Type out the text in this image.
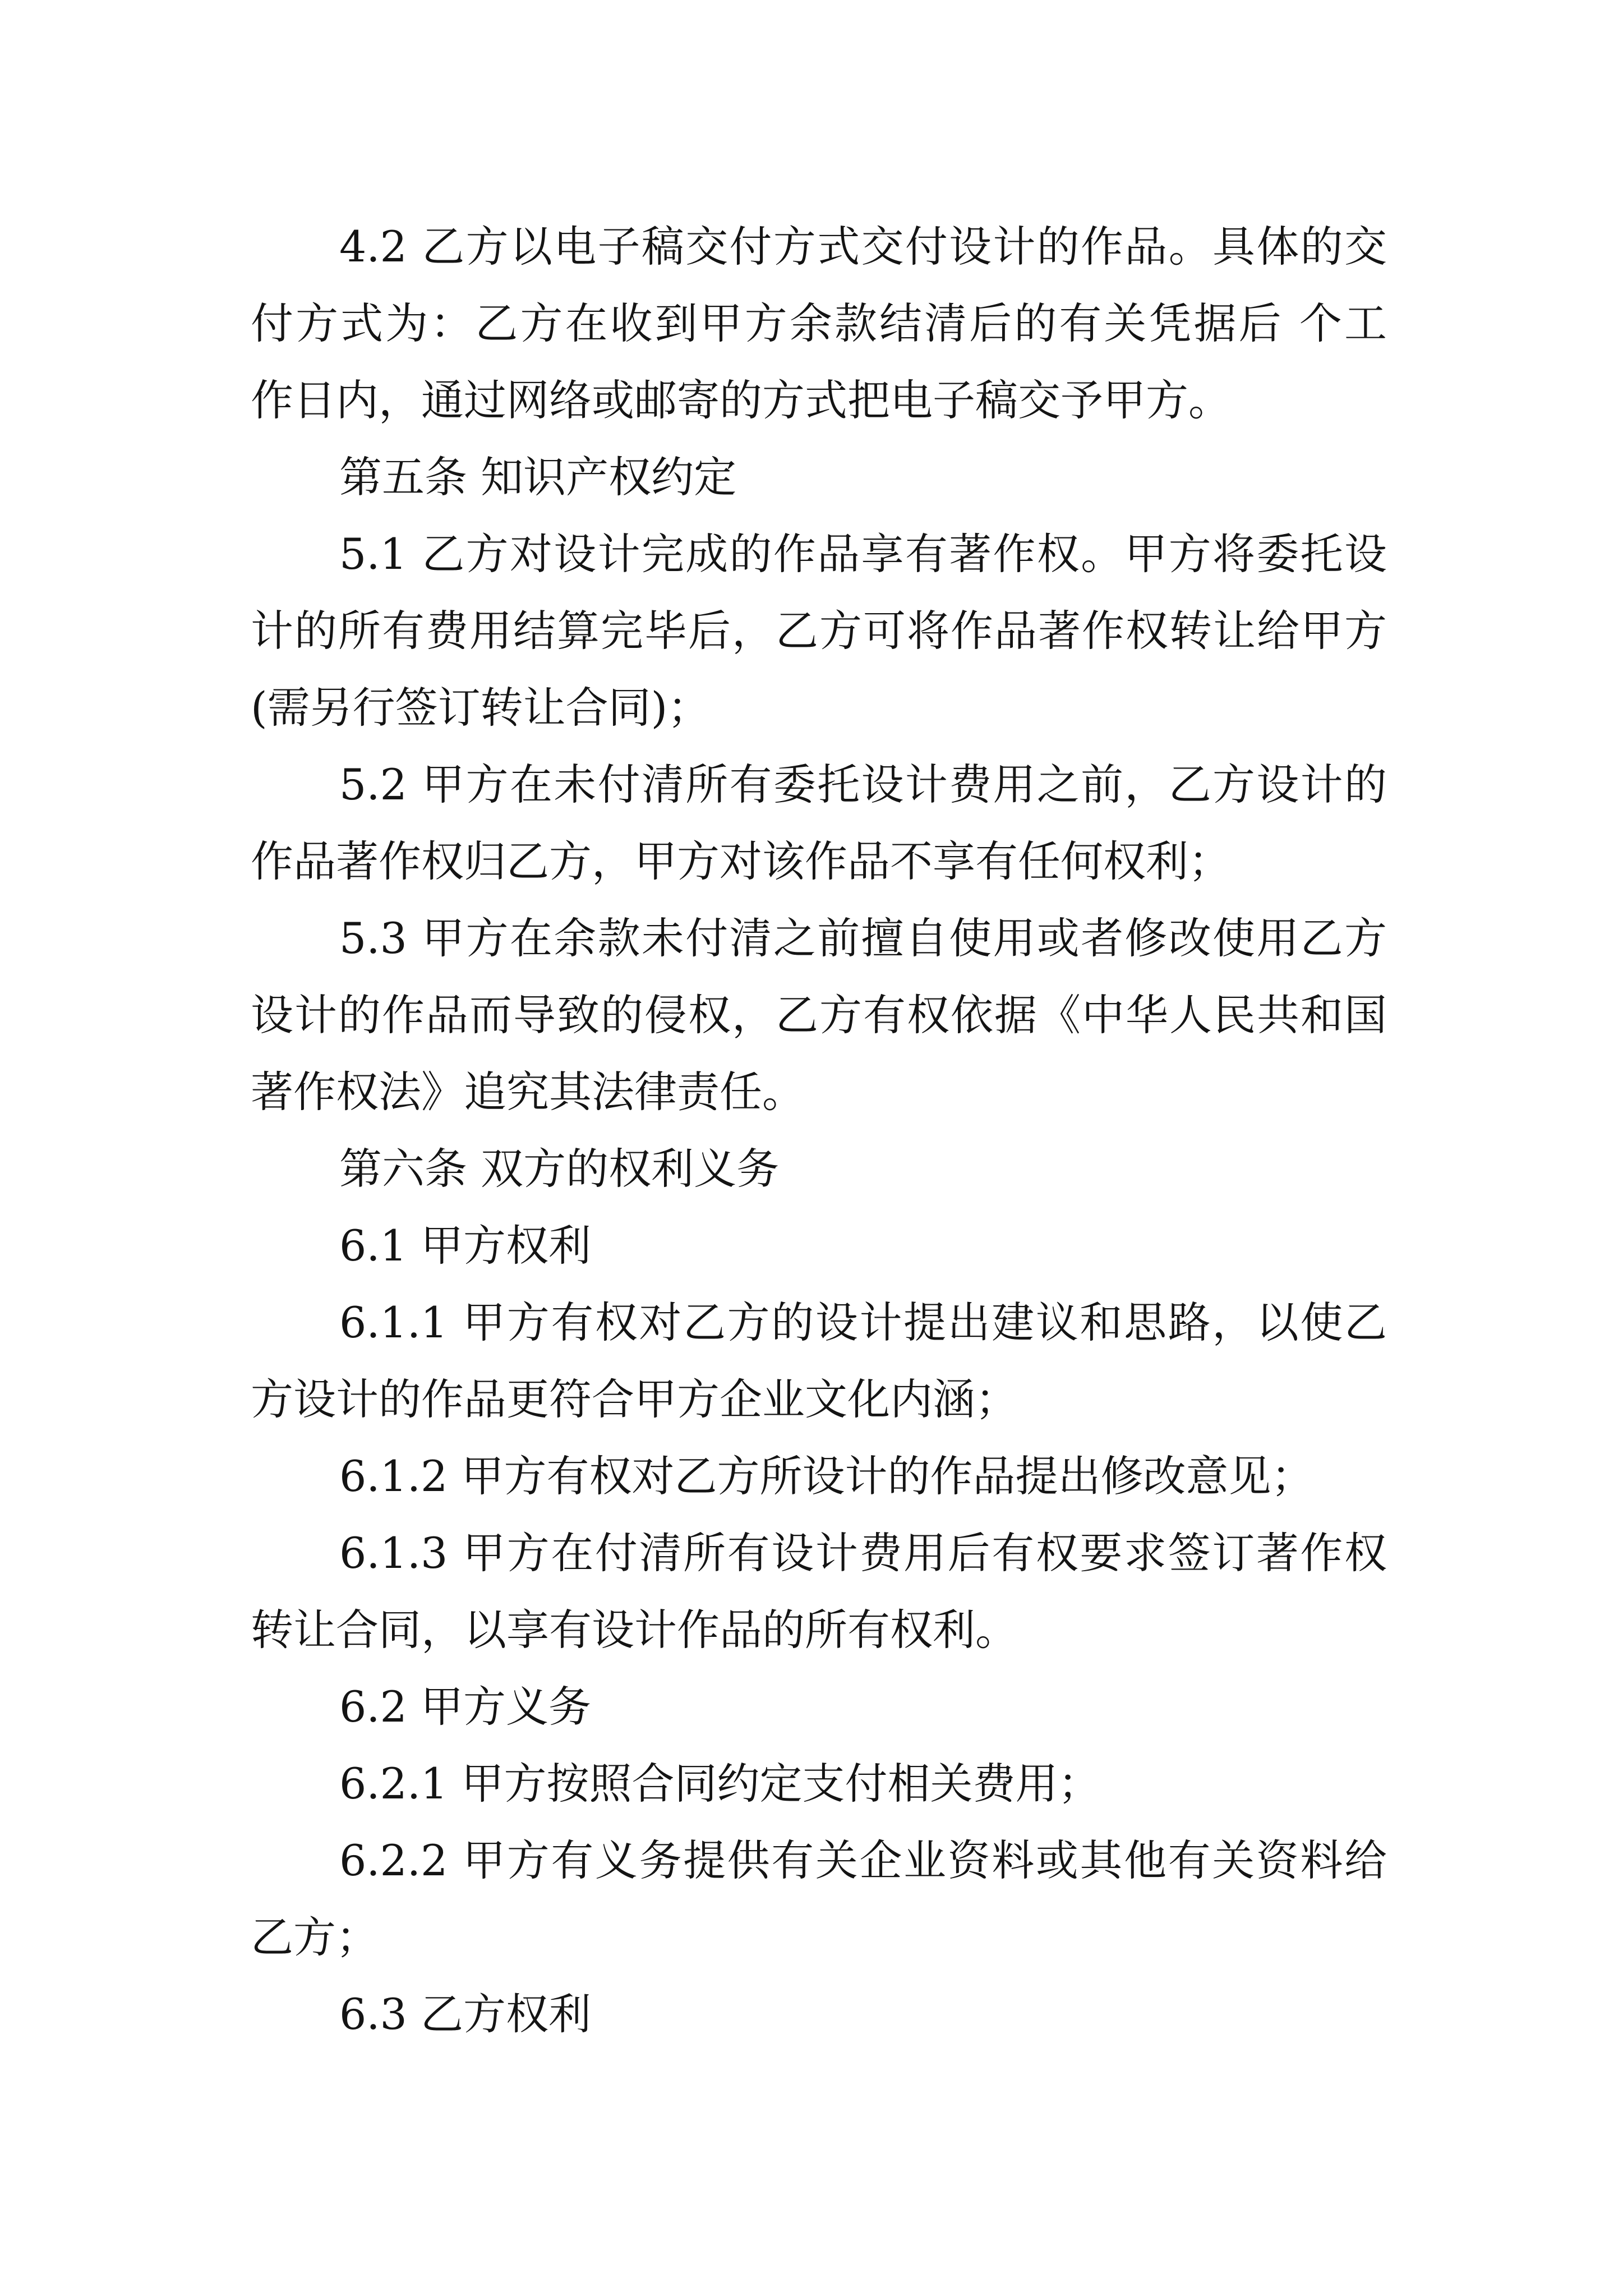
4.2 乙方以电子稿交付方式交付设计的作品。具体的交
付方式为：乙方在收到甲方余款结清后的有关凭据后 个工
作日内，通过网络或邮寄的方式把电子稿交予甲方。
第五条 知识产权约定
5.1 乙方对设计完成的作品享有著作权。甲方将委托设
计的所有费用结算完毕后，乙方可将作品著作权转让给甲方
(需另行签订转让合同)；
5.2 甲方在未付清所有委托设计费用之前，乙方设计的
作品著作权归乙方，甲方对该作品不享有任何权利；
5.3 甲方在余款未付清之前擅自使用或者修改使用乙方
设计的作品而导致的侵权，乙方有权依据《中华人民共和国
著作权法》追究其法律责任。
第六条 双方的权利义务
6.1 甲方权利
6.1.1 甲方有权对乙方的设计提出建议和思路，以使乙
方设计的作品更符合甲方企业文化内涵；
6.1.2 甲方有权对乙方所设计的作品提出修改意见；
6.1.3 甲方在付清所有设计费用后有权要求签订著作权
转让合同，以享有设计作品的所有权利。
6.2 甲方义务
6.2.1 甲方按照合同约定支付相关费用；
6.2.2 甲方有义务提供有关企业资料或其他有关资料给
乙方；
6.3 乙方权利
